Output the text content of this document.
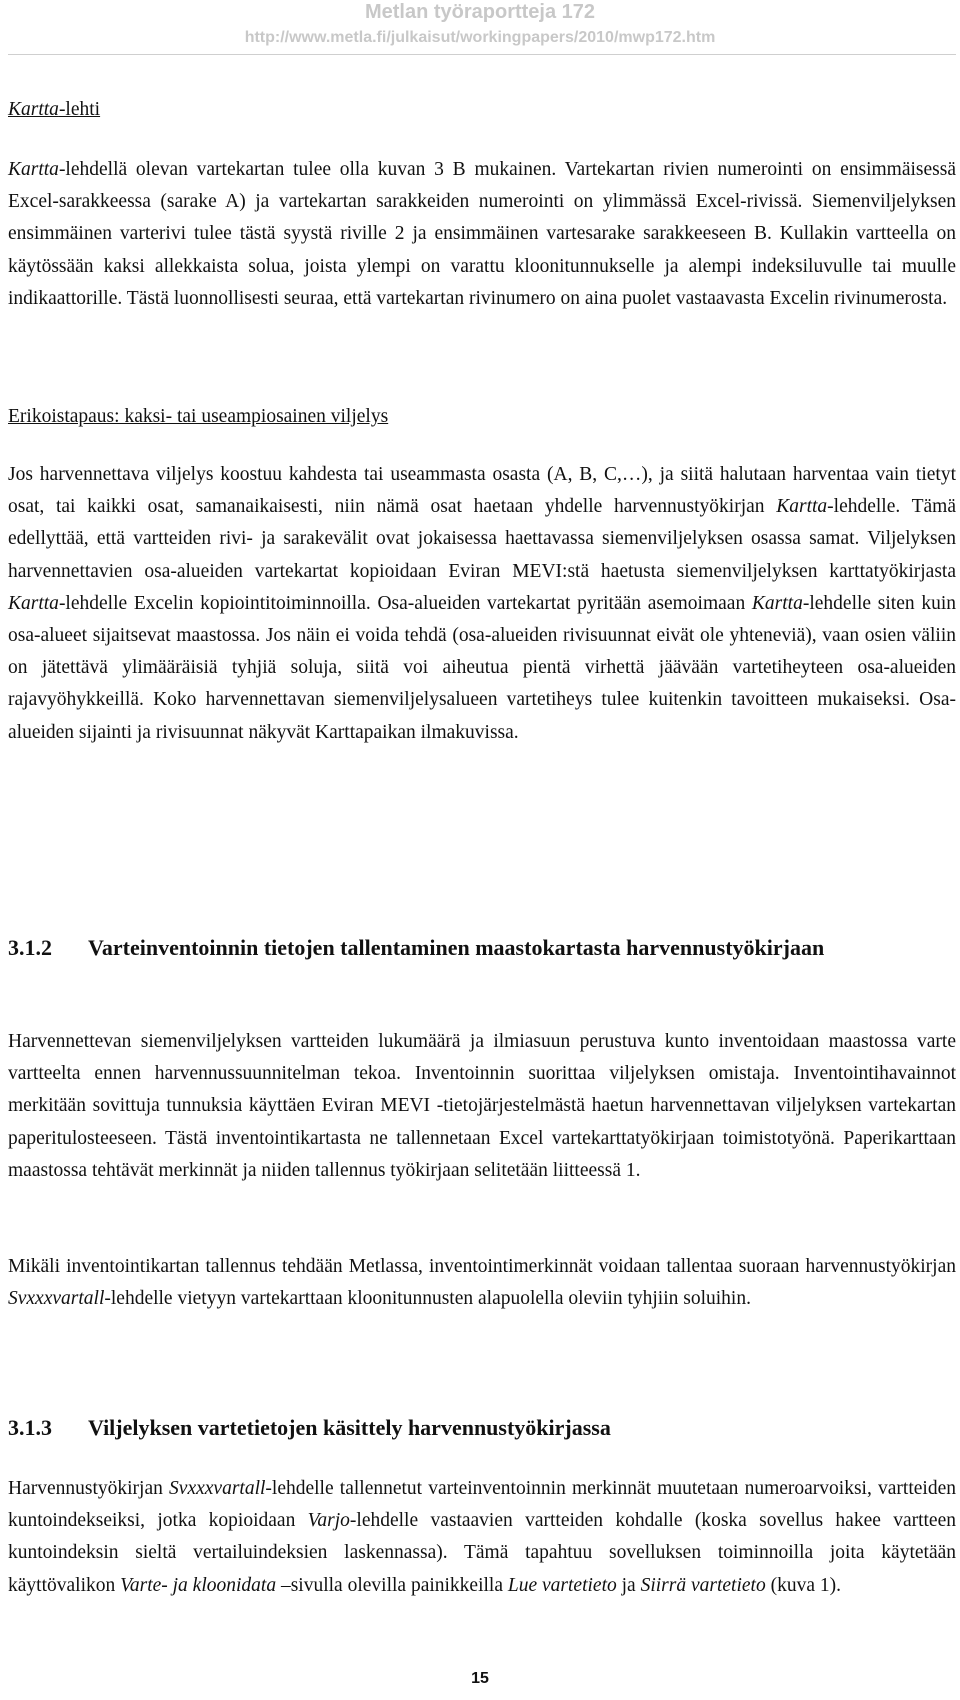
Metlan työraportteja 172
http://www.metla.fi/julkaisut/workingpapers/2010/mwp172.htm
Kartta-lehti

Kartta-lehdellä olevan vartekartan tulee olla kuvan 3 B mukainen. Vartekartan rivien numerointi on ensimmäisessä Excel-sarakkeessa (sarake A) ja vartekartan sarakkeiden numerointi on ylimmässä Excel-rivissä. Siemenviljelyksen ensimmäinen varterivi tulee tästä syystä riville 2 ja ensimmäinen vartesarake sarakkeeseen B. Kullakin vartteella on käytössään kaksi allekkaista solua, joista ylempi on varattu kloonitunnukselle ja alempi indeksiluvulle tai muulle indikaattorille. Tästä luonnollisesti seuraa, että vartekartan rivinumero on aina puolet vastaavasta Excelin rivinumerosta.

Erikoistapaus: kaksi- tai useampiosainen viljelys

Jos harvennettava viljelys koostuu kahdesta tai useammasta osasta (A, B, C,…), ja siitä halutaan harventaa vain tietyt osat, tai kaikki osat, samanaikaisesti, niin nämä osat haetaan yhdelle harvennustyökirjan Kartta-lehdelle. Tämä edellyttää, että vartteiden rivi- ja sarakevälit ovat jokaisessa haettavassa siemenviljelyksen osassa samat. Viljelyksen harvennettavien osa-alueiden vartekartat kopioidaan Eviran MEVI:stä haetusta siemenviljelyksen karttatyökirjasta Kartta-lehdelle Excelin kopiointitoiminnoilla. Osa-alueiden vartekartat pyritään asemoimaan Kartta-lehdelle siten kuin osa-alueet sijaitsevat maastossa. Jos näin ei voida tehdä (osa-alueiden rivisuunnat eivät ole yhteneviä), vaan osien väliin on jätettävä ylimääräisiä tyhjiä soluja, siitä voi aiheutua pientä virhettä jäävään vartetiheyteen osa-alueiden rajavyöhykkeillä. Koko harvennettavan siemenviljelysalueen vartetiheys tulee kuitenkin tavoitteen mukaiseksi. Osa-alueiden sijainti ja rivisuunnat näkyvät Karttapaikan ilmakuvissa.

3.1.2 Varteinventoinnin tietojen tallentaminen maastokartasta harvennustyökirjaan

Harvennettevan siemenviljelyksen vartteiden lukumäärä ja ilmiasuun perustuva kunto inventoidaan maastossa varte vartteelta ennen harvennussuunnitelman tekoa. Inventoinnin suorittaa viljelyksen omistaja. Inventointihavainnot merkitään sovittuja tunnuksia käyttäen Eviran MEVI -tietojärjestelmästä haetun harvennettavan viljelyksen vartekartan paperitulosteeseen. Tästä inventointikartasta ne tallennetaan Excel vartekarttatyökirjaan toimistotyönä. Paperikarttaan maastossa tehtävät merkinnät ja niiden tallennus työkirjaan selitetään liitteessä 1.

Mikäli inventointikartan tallennus tehdään Metlassa, inventointimerkinnät voidaan tallentaa suoraan harvennustyökirjan Svxxxvartall-lehdelle vietyyn vartekarttaan kloonitunnusten alapuolella oleviin tyhjiin soluihin.

3.1.3 Viljelyksen vartetietojen käsittely harvennustyökirjassa

Harvennustyökirjan Svxxxvartall-lehdelle tallennetut varteinventoinnin merkinnät muutetaan numeroarvoiksi, vartteiden kuntoindekseiksi, jotka kopioidaan Varjo-lehdelle vastaavien vartteiden kohdalle (koska sovellus hakee vartteen kuntoindeksin sieltä vertailuindeksien laskennassa). Tämä tapahtuu sovelluksen toiminnoilla joita käytetään käyttövalikon Varte- ja kloonidata –sivulla olevilla painikkeilla Lue vartetieto ja Siirrä vartetieto (kuva 1).

15
